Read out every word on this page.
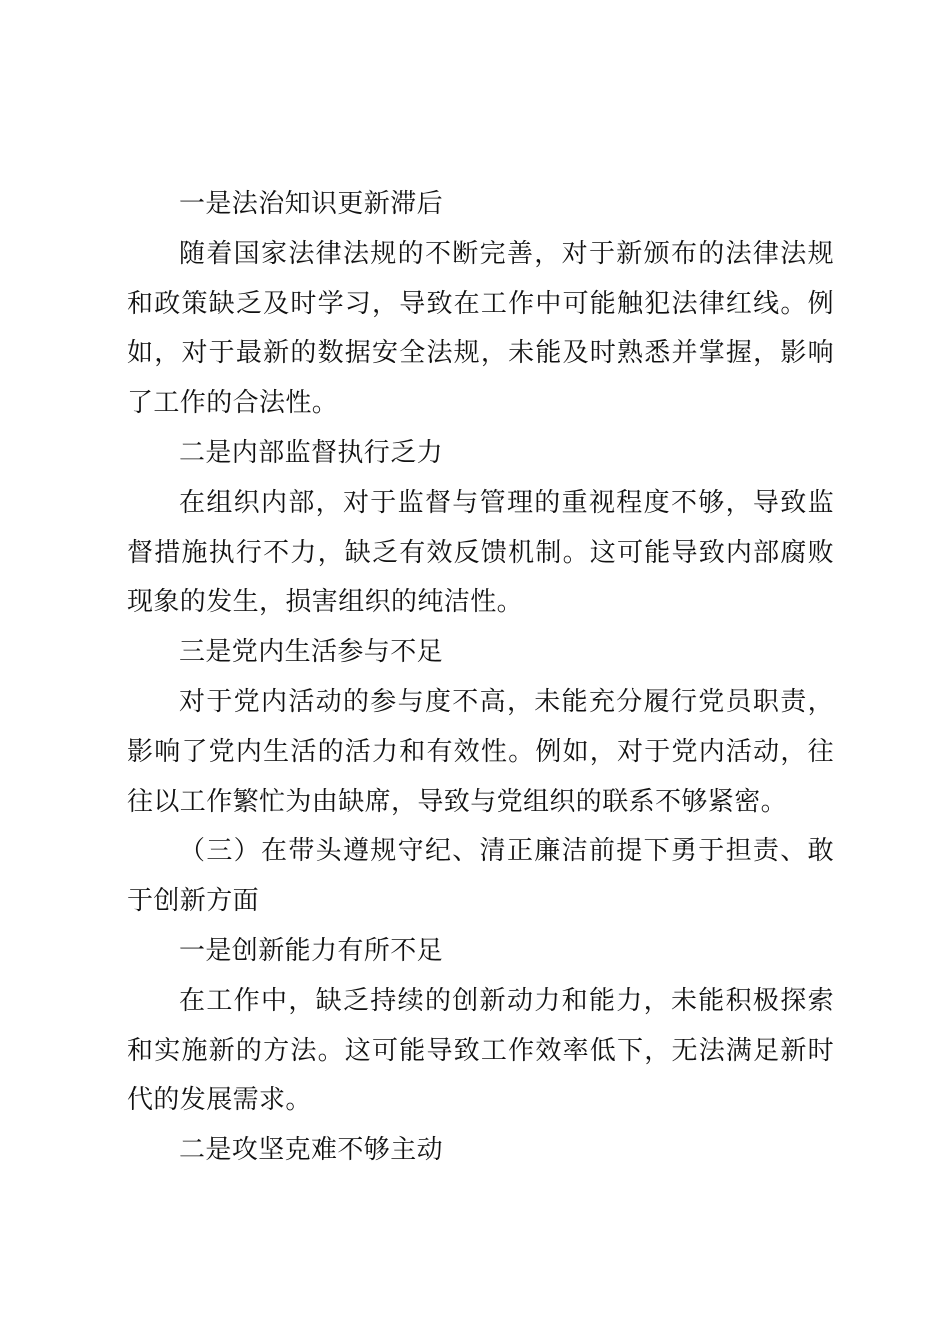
一是法治知识更新滞后

随着国家法律法规的不断完善，对于新颁布的法律法规和政策缺乏及时学习，导致在工作中可能触犯法律红线。例如，对于最新的数据安全法规，未能及时熟悉并掌握，影响了工作的合法性。

二是内部监督执行乏力

在组织内部，对于监督与管理的重视程度不够，导致监督措施执行不力，缺乏有效反馈机制。这可能导致内部腐败现象的发生，损害组织的纯洁性。

三是党内生活参与不足

对于党内活动的参与度不高，未能充分履行党员职责，影响了党内生活的活力和有效性。例如，对于党内活动，往往以工作繁忙为由缺席，导致与党组织的联系不够紧密。

（三）在带头遵规守纪、清正廉洁前提下勇于担责、敢于创新方面

一是创新能力有所不足

在工作中，缺乏持续的创新动力和能力，未能积极探索和实施新的方法。这可能导致工作效率低下，无法满足新时代的发展需求。

二是攻坚克难不够主动
